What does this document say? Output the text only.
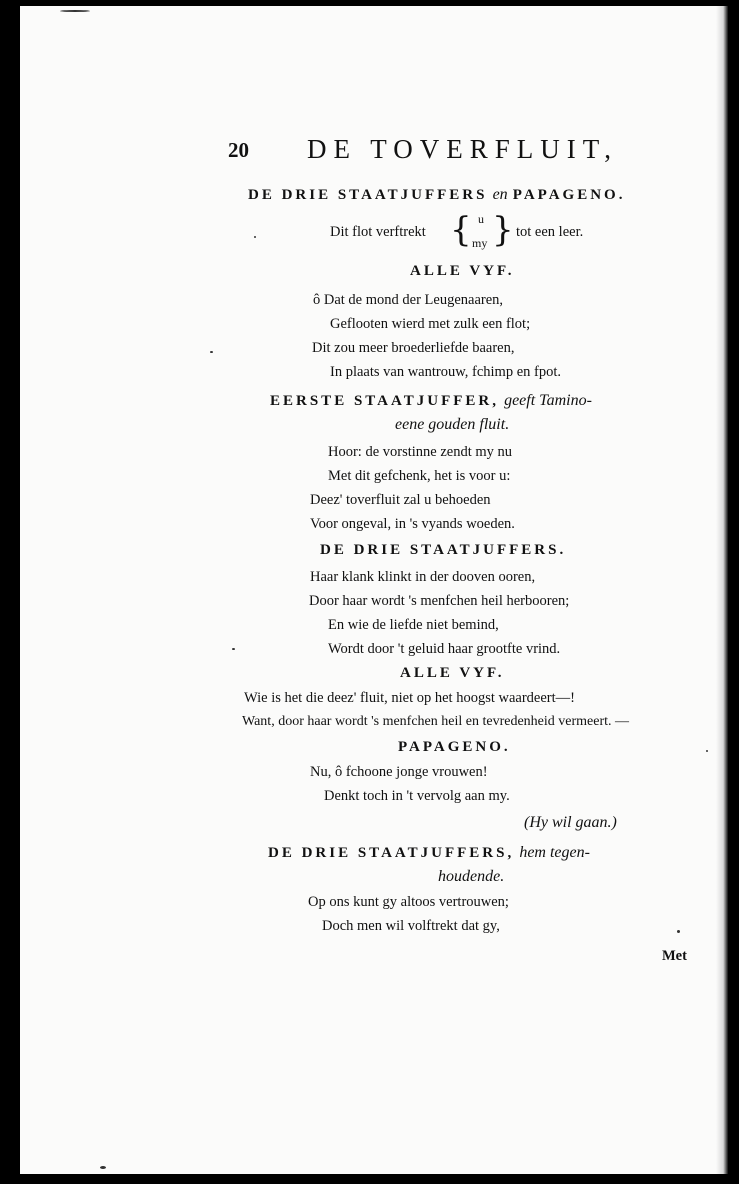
20 DE TOVERFLUIT,
DE DRIE STAATJUFFERS en PAPAGENO.
Dit flot verftrekt { u
my } tot een leer.
ALLE VYF.
ô Dat de mond der Leugenaaren,
Geflooten wierd met zulk een flot;
Dit zou meer broederliefde baaren,
In plaats van wantrouw, fchimp en fpot.
EERSTE STAATJUFFER, geeft Tamino-
eene gouden fluit.
Hoor: de vorstinne zendt my nu
Met dit gefchenk, het is voor u:
Deez' toverfluit zal u behoeden
Voor ongeval, in 's vyands woeden.
DE DRIE STAATJUFFERS.
Haar klank klinkt in der dooven ooren,
Door haar wordt 's menfchen heil herbooren;
En wie de liefde niet bemind,
Wordt door 't geluid haar grootfte vrind.
ALLE VYF.
Wie is het die deez' fluit, niet op het hoogst waardeert—!
Want, door haar wordt 's menfchen heil en tevredenheid vermeert. —
PAPAGENO.
Nu, ô fchoone jonge vrouwen!
Denkt toch in 't vervolg aan my.
(Hy wil gaan.)
DE DRIE STAATJUFFERS, hem tegen-
houdende.
Op ons kunt gy altoos vertrouwen;
Doch men wil volftrekt dat gy,
Met
